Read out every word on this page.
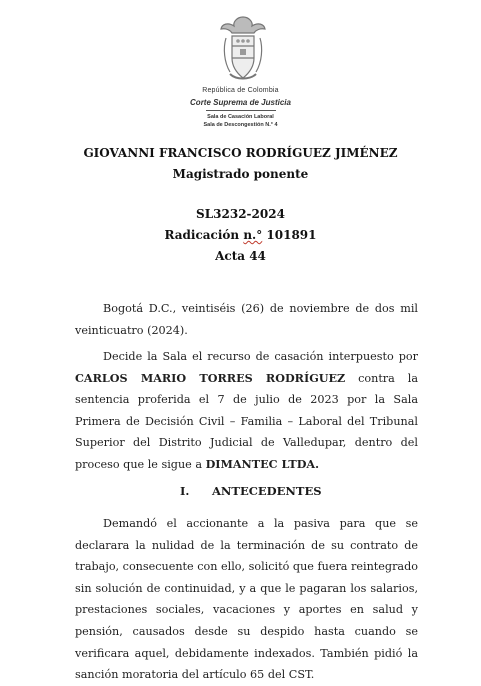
República de Colombia
Corte Suprema de Justicia
Sala de Casación Laboral
Sala de Descongestión N.° 4
GIOVANNI FRANCISCO RODRÍGUEZ JIMÉNEZ
Magistrado ponente
SL3232-2024
Radicación n.° 101891
Acta 44

Bogotá D.C., veintiséis (26) de noviembre de dos mil veinticuatro (2024).

Decide la Sala el recurso de casación interpuesto por CARLOS MARIO TORRES RODRÍGUEZ contra la sentencia proferida el 7 de julio de 2023 por la Sala Primera de Decisión Civil – Familia – Laboral del Tribunal Superior del Distrito Judicial de Valledupar, dentro del proceso que le sigue a DIMANTEC LTDA.

I. ANTECEDENTES

Demandó el accionante a la pasiva para que se declarara la nulidad de la terminación de su contrato de trabajo, consecuente con ello, solicitó que fuera reintegrado sin solución de continuidad, y a que le pagaran los salarios, prestaciones sociales, vacaciones y aportes en salud y pensión, causados desde su despido hasta cuando se verificara aquel, debidamente indexados. También pidió la sanción moratoria del artículo 65 del CST.
